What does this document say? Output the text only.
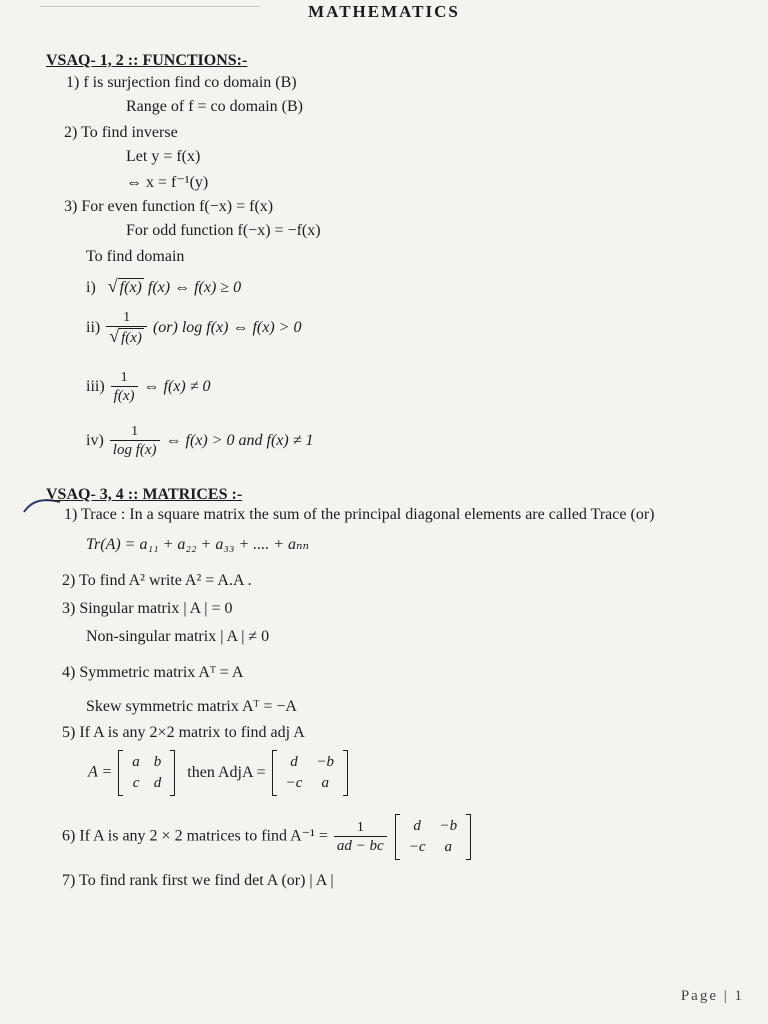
MATHEMATICS
VSAQ- 1, 2 :: FUNCTIONS:-
1) f is surjection find co domain (B)
Range of f = co domain (B)
2) To find inverse
Let y = f(x)
⇔ x = f⁻¹(y)
3) For even function f(−x) = f(x)
For odd function f(−x) = −f(x)
To find domain
i) √ f(x) f(x) ⇔ f(x) ≥ 0
$ii) \frac{1}{√ f(x)} (or)$ log f(x) ⇔ f(x) > 0
$iii) \frac{1}{f(x)}$ ⇔ f(x) ≠ 0
$iv) \frac{1}{\text{log f(x)}}$ ⇔ f(x) > 0 and f(x) ≠ 1
VSAQ- 3, 4 :: MATRICES :-
1) Trace : In a square matrix the sum of the principal diagonal elements are called Trace (or)
Tr(A) = a₁₁ + a₂₂ + a₃₃ + .... + aₙₙ
2) To find A² write A² = A.A .
3) Singular matrix | A | = 0
Non-singular matrix | A | ≠ 0
4) Symmetric matrix Aᵀ = A
Skew symmetric matrix Aᵀ = −A
5) If A is any 2×2 matrix to find adj A
A =
a	b
c	d
then AdjA =
d	−b
−c	a
6) If A is any 2 × 2 matrices to find $A^{-1} = \frac{1}{ad - bc}$
d	−b
−c	a
7) To find rank first we find det A (or) | A |
Page | 1
